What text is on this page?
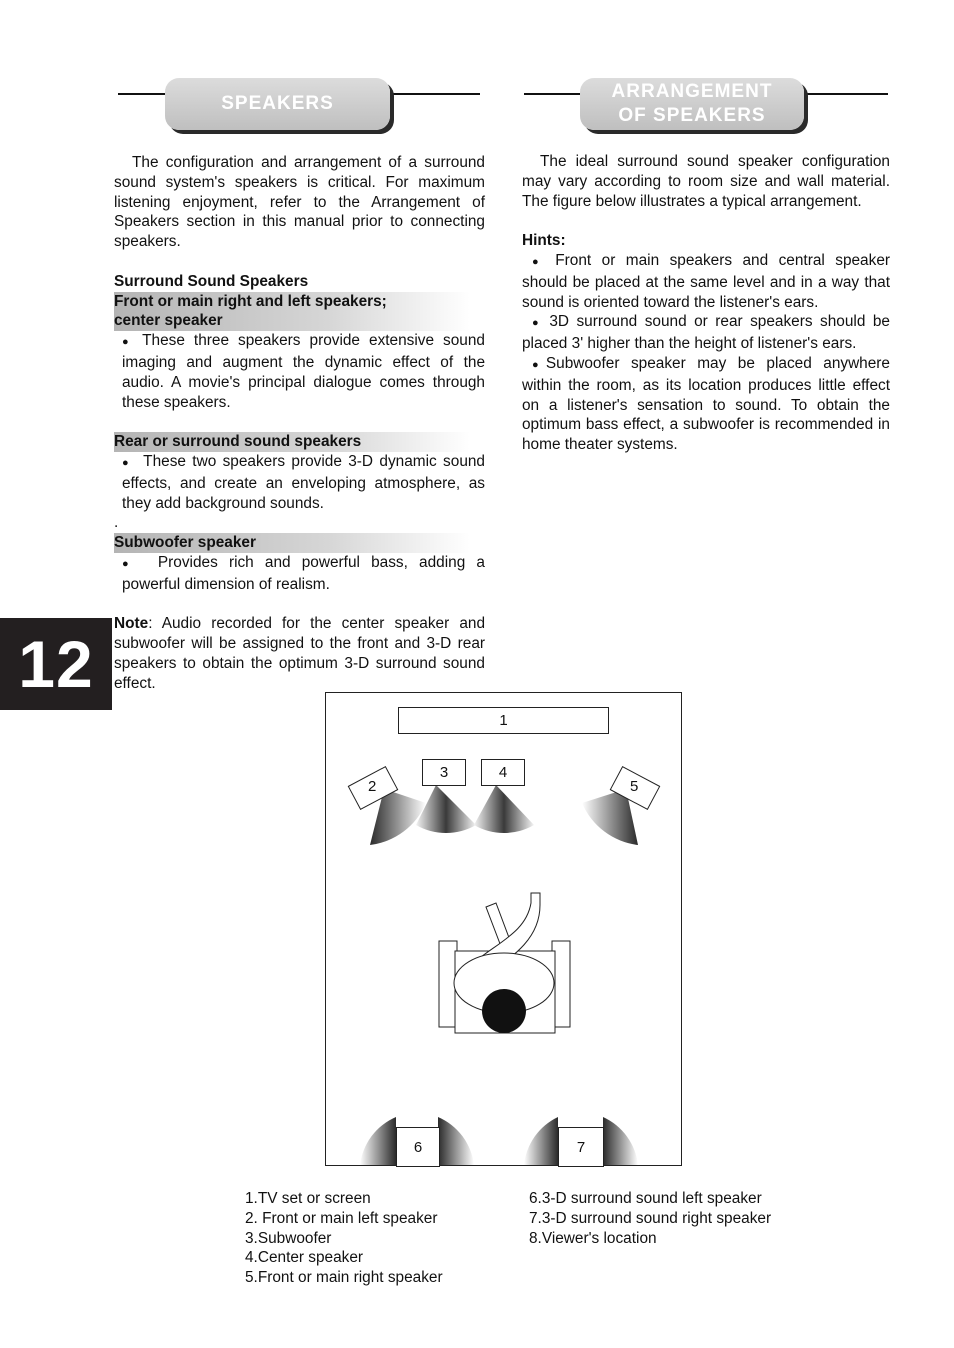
SPEAKERS
ARRANGEMENT
OF SPEAKERS

The configuration and arrangement of a surround sound system's speakers is critical. For maximum listening enjoyment, refer to the Arrangement of Speakers section in this manual prior to connecting speakers.

Surround Sound Speakers

Front or main right and left speakers;

center speaker

● These three speakers provide extensive sound imaging and augment the dynamic effect of the audio. A movie's principal dialogue comes through these speakers.

Rear or surround sound speakers

● These two speakers provide 3-D dynamic sound effects, and create an enveloping atmosphere, as they add background sounds.

.

Subwoofer speaker

● Provides rich and powerful bass, adding a powerful dimension of realism.

Note: Audio recorded for the center speaker and subwoofer will be assigned to the front and 3-D rear speakers to obtain the optimum 3-D surround sound effect.

The ideal surround sound speaker configuration may vary according to room size and wall material. The figure below illustrates a typical arrangement.

Hints:

● Front or main speakers and central speaker should be placed at the same level and in a way that sound is oriented toward the listener's ears.

● 3D surround sound or rear speakers should be placed 3' higher than the height of listener's ears.

●Subwoofer speaker may be placed anywhere within the room, as its location produces little effect on a listener's sensation to sound. To obtain the optimum bass effect, a subwoofer is recommended in home theater systems.

12
1
3	4
2	5
6	7
1.TV set or screen
2. Front or main left speaker
3.Subwoofer
4.Center speaker
5.Front or main right speaker
6.3-D surround sound left speaker
7.3-D surround sound right speaker
8.Viewer's location
